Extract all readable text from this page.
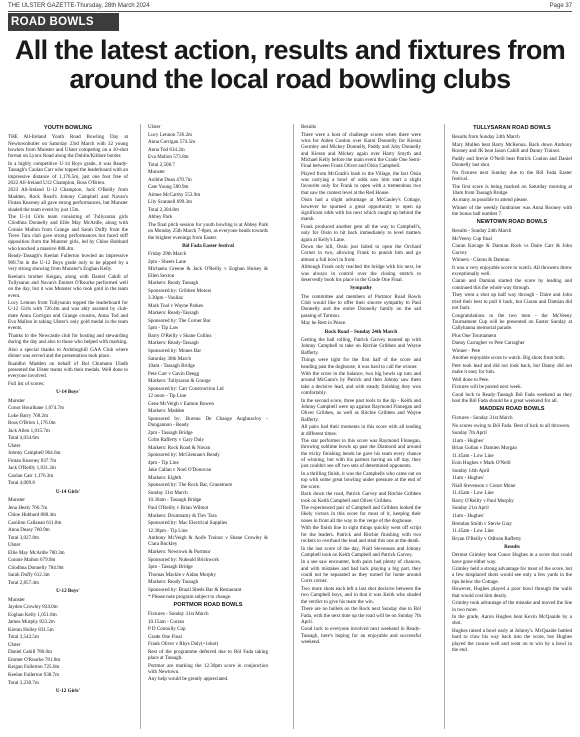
THE ULSTER GAZETTE-Thursday, 28th March 2024	Page 37
ROAD BOWLS
All the latest action, results and fixtures from around the local road bowling clubs

YOUTH BOWLING

THE All-Ireland Youth Road Bowling Day at Newtownbutler on Saturday 23rd March with 32 young bowlers from Munster and Ulster competing on a 10-shot format on Lyons Road along the Dublin/Kildare border.

In a highly competitive U-14 Boys grade, it was Ready-Tassagh's Caolan Carr who topped the leaderboard with an impressive distance of 1,176.5m, just one foot free of 2022 All-Ireland U12 Champion, Ross O'Brien.

2023 All-Ireland U-12 Champion, Jack O'Reilly from Madden, Rock Road's Johnny Campbell and Navan's Fintan Kearney all gave strong performances, but Munster shaded the team event by just 15m.

The U-14 Girls team consisting of Tullysaran girls Cliodhna Donnelly and Ellie May McArdle, along with Connie Mallon from Grange and Sarah Duffy from the Tieve Tara club gave strong performances but faced stiff opposition from the Munster girls, led by Chloe Hubbard who knocked a massive 888.4m.

Ready-Tassagh's Keelan Fullerton bowled an impressive 968.7m in the U-12 Boys grade only to be pipped by a very strong showing from Munster's Eoghan Kelly.

Keelan's brother Keigan, along with Daniel Cahill of Tullysaran and Navan's Emmet O'Rourke performed well on the day, but it was Munster who took gold in the team event.

Lucy Lennon from Tullysaran topped the leaderboard for U-12 Girls with 726.4m and was ably assisted by club-mate Anna Corrigan and Grange cousins, Anna Tod and Eva Mallon in taking Ulster's only gold medal in the team events.

Thanks to the Newcastle club for hosting and stewarding during the day and also to those who helped with marking.

Also a special thanks to Ardoboghill GAA Club where dinner was served and the presentation took place.

Ruaidhri Madden on behalf of Bol Chumann Uladh presented the Ulster teams with their medals. Well done to everyone involved.

Full list of scores:

U-14 Boys'

Munster

Conor Hourihane 1,074.7m

Luke Barry 768.2m

Ross O'Brien 1,176.0m

Jack Allen 1,015.7m

Total 4,034.6m

Ulster

Johnny Campbell 964.6m

Fintan Kearney 837.7m

Jack O'Reilly 1,031.2m

Caolan Carr 1,176.3m

Total 4,009.8

U-14 Girls'

Munster

Jena Healy 766.7m

Chloe Hubbard 888.4m

Caoilinn Callanan 611.8m

Anna Deasy 760.9m

Total 3,027.8m

Ulster

Ellie May McArdle 780.3m

Connie Mallon 679.9m

Cliodhna Donnelly 784.9m

Sarah Duffy 612.3m

Total 2,857.4m

U-12 Boys'

Munster

Jayden Crowley 834.0m

Eoghan Kelly 1,051.8m

James Murphy 823.2m

Kieran Holley 831.5m

Total 3,542.5m

Ulster

Daniel Cahill 786.0m

Emmet O'Rourke 781.0m

Keigan Fullerton 725.0m

Keelan Fullerton 938.7m

Total 3,230.7m

U-12 Girls'

Ulster

Lucy Lennon 726.2m

Anna Corrigan 574.5m

Anna Tod 634.2m

Eva Mallon 573.8m

Total 2,508.7

Munster

Aoibhe Dean 470.7m

Cate Young 580.9m

Aimee McCarthy 553.9m

Lily Scannell 699.3m

Total 2,304.8m

Abbey Park

The final pitch session for youth bowling is at Abbey Park on Monday 25th March 7-8pm, as everyone heads towards the brighter evenings from Easter.

Ból Fada Easter festival

Friday 29th March

2pm - Sheets Lane

Michaela Greene & Jack O'Reilly v Eoghan Hulsey & Ellen Sexton

Markers: Ready Tassagh

Sponsored by: Gribben Motors

3.30pm - Vauliaz

Mark Toal v Wayne Parkes

Markers: Ready-Tassagh

Sponsored by: The Corner Bar

5pm - Tip Law

Barry O'Reilly v Shane Collins

Markers: Ready-Tassagh

Sponsored by: Mones Bar

Saturday 30th March

10am - Tassagh Bridge

Pete Carr v Gavin Deegg

Markers: Tullysaran & Grange

Sponsored by: Carr Construction Ltd

12 noon - Tip Line

Gene McVeigh v Eamon Bowen

Markers: Madden

Sponsored by: Bureau De Change Aughnacloy - Dungannon - Ready

2pm - Tassagh Bridge

Colm Rafferty v Gary Daly

Markers: Rock Road & Navan

Sponsored by: McGlennan's Ready

4pm - Tip Line

Jake Callan v Noel O'Donovan

Markers: Eighth

Sponsored by: The Rock Bar, Granemore

Sunday 31st March

10.30am - Tassagh Bridge

Paul O'Reilly v Brian Wilmot

Markers: Drumnamy & Tiev Tara

Sponsored by: Mac Electrical Supplies

12.30pm - Tip Line

Anthony McVeigh & Aoife Trainor v Shane Crowley & Ciara Buckley

Markers: Newtown & Portmor

Sponsored by: Nuheald Brickwork

3pm - Tassagh Bridge

Thomas Mackle v Aidan Murphy

Markers: Ready Tassagh

Sponsored by: Brazil Sheds Bar & Restaurant

* Please note program subject to change.

PORTMOR ROAD BOWLS

Fixtures - Sunday 31st March

10.15am - Curran

P D Connolly Cup

Grade One Final

Frank Oliver v Rhys Daly(+1shot)

Rest of the programme deferred due to Ból Fada taking place at Tassagh.

Portmor are marking the 12.30pm score in conjunction with Newtown.

Any help would be greatly appreciated.

Results

There were a host of challenge scores when there were wins for Aiden Conlon over Karol Donnelly for Kieran Gormley and Mickey Donnelly, Paddy and Joby Donnelly and Kieran and Mickey again over Harry Smyth and Michael Kelly before the main event the Grade One Semi-Final between Frank Oliver and Oisin Campbell.

Played from McGrath's bush to the Village, the fact Oisin was carrying a bowl of odds saw him start a slight favourite only for Frank to open with a tremendous two that saw the contest level at the Red House.

Oisin had a slight advantage at McCauley's Cottage, however he spurned a great opportunity to open up significant odds with his next which caught up behind the marsh.

Frank produced another gem all the way to Campbell's, only for Oisin to hit back immediately to level matters again at Kelly's Lane.

Down the hill, Oisin just failed to open the Orchard Corner in two, allowing Frank to punish him and go almost a full bowl in front.

Although Frank only reached the bridge with his next, he was always in control over the closing stretch to deservedly book his place in the Grade One Final.

Sympathy

The committee and members of Portmor Road Bowls Club would like to offer their sincere sympathy to Paul Donnelly and the entire Donnelly family on the sad passing of Tarmon.

May he Rest in Peace.

Rock Road – Sunday 24th March

Getting the ball rolling, Patrick Garvey teamed up with Johnny Campbell to take on Ritchie Gribben and Wayne Rafferty.

Things were tight for the first half of the score and heading past the doghouse, it was hard to call the winner.

With the score in the balance, two big bowls up into and around McGann's by Patrick and then Johnny saw them take a decisive lead, and with steady finishing they won comfortably.

In the second score, three past tools to the tip - Keith and Johnny Campbell were up against Raymond Finnegan and Oliver Gribben, as well as Ritchie Gribben and Wayne Rafferty.

All pairs had their moments in this score with all leading at different times.

The star performer in this score was Raymond Finnegan, throwing sublime bowls up past the Diamond and around the tricky finishing bends he gave his team every chance of winning, but with his partner having an off day, they just couldn't see off two sets of determined opponents.

In a thrilling finish, it was the Campbells who came out on top with some great bowling under pressure at the end of the score.

Back down the road, Patrick Garvey and Ritchie Gribben took on Keith Campbell and Oliver Gribben.

The experienced pair of Campbell and Gribben looked the likely victors in this score for most of it, keeping their noses in front all the way to the verge of the doghouse.

With the finish line in sight things quickly went off script for the leaders. Patrick and Ritchie finishing with two rockets to overhaul the lead and steal this one at the death.

In the last score of the day, Niall Stevenson and Johnny Campbell took on Keith Campbell and Patrick Garvey.

In a see saw encounter, both pairs had plenty of chances, and with mistakes and bad luck playing a big part, they could not be separated as they turned for home around Corrs corner.

Two more shots each left a last shot decisive between the two Campbell boys, and in that it was Keith who shaded the verdict to give his team the win.

There are no bullets on the Rock next Sunday due to Ból Fada, with the next time up the road will be on Sunday 7th April.

Good luck to everyone involved next weekend in Ready-Tassagh, here's hoping for an enjoyable and successful weekend.

TULLYSARAN ROAD BOWLS

Results from Sunday 24th March

Mary Mullen beat Barry McKenna. Back down Anthony Rooney and JK beat Jason Cahill and Danny Trainor.

Paddy and Stevie O'Neill beat Patrick Conlon and Daniel Donnelly last shot.

No fixtures next Sunday due to the Ból Fada Easter festival.

The first score is being marked on Saturday morning at 10am from Tassagh Bridge.

As many as possible to attend please.

Winner of the weekly fundraiser was Anna Rooney with the bonus ball number 7.

NEWTOWN ROAD BOWLS

Results - Sunday 24th March

McVeeny Cup final

Ciaran Kavage & Damian Rock vs Daire Carr & John Garvey

Winners - Ciaran & Damian

It was a very enjoyable score to watch. All throwers threw exceptionally well.

Ciaran and Damian started the score by leading and continued this the whole way through.

They went a shot up half way through - Daire and John tried their best to pull it back, but Ciaran and Damian did not fault.

Congratulations to the two men - the McVeeny Tournament Cup will be presented on Easter Sunday at Callyhanna memorial parade.

Plus One Tournament

Danny Carragher vs Pete Carragher

Winner - Pete

Another enjoyable score to watch. Big shots from both.

Pete took lead and did not look back, but Danny did not make it easy for him.

Well done to Pete.

Fixtures will be posted next week.

Good luck to Ready-Tassagh Ból Fada weekend as they host the Ból Fada should be a great weekend for all.

MADDEN ROAD BOWLS

Fixtures - Sunday 31st March

No scores owing to Ból Fada. Best of luck to all throwers.

Sunday 7th April

11am - Hughes'

Brian Gollan v Damien Morgan

11.45am - Low Line

Eoin Hughes v Mark O'Neill

Sunday 14th April

11am - Hughes'

Niall Stevenson v Conor Mone

11.45am - Low Line

Barry O'Reilly v Paul Murphy

Sunday 21st April

11am - Hughes'

Brendan Smith v Stevie Gray

11.45am - Low Line

Bryan O'Reilly v Odhran Rafferty

Results

Dermot Grimley beat Conor Hughes in a score that could have gone either way.

Grimley held a strong advantage for most of the score, but a few misplaced shots would see only a few yards in the tips below the Cottage.

However, Hughes played a poor bowl through the walls that would cost him dearly.

Grimley took advantage of the mistake and moved the line in two more.

In the grade, Aaron Hughes beat Kevin McQuaide by a shot.

Hughes raised a bowl early at Johnny's. McQuaide battled hard to claw his way back into the score, but Hughes played the course well and went on to win by a bowl in the end.
